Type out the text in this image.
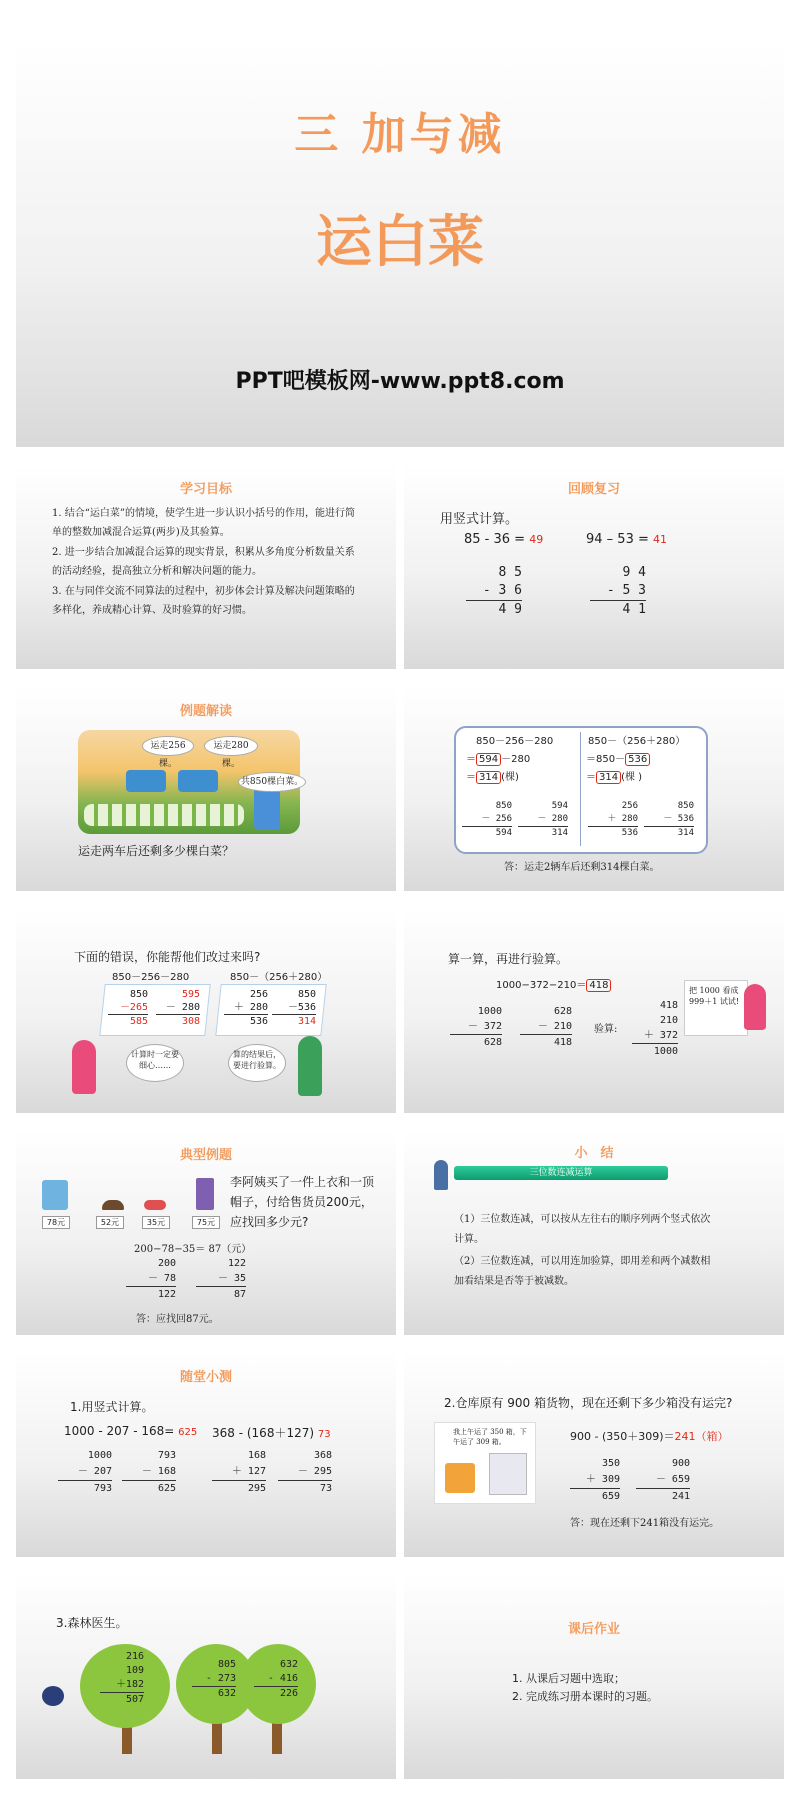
三 加与减
运白菜
PPT吧模板网-www.ppt8.com
学习目标
1. 结合“运白菜”的情境，使学生进一步认识小括号的作用，能进行简单的整数加减混合运算(两步)及其验算。
2. 进一步结合加减混合运算的现实背景，积累从多角度分析数量关系的活动经验，提高独立分析和解决问题的能力。
3. 在与同伴交流不同算法的过程中，初步体会计算及解决问题策略的多样化，养成精心计算、及时验算的好习惯。
回顾复习
用竖式计算。
85 - 36 = 49	94 – 53 = 41
8 5
- 3 6
4 9
9 4
- 5 3
4 1
例题解读
运走256棵。
运走280棵。
共850棵白菜。
运走两车后还剩多少棵白菜？
850－256－280
＝ 594 －280
＝ 314 (棵)
850－（256＋280）
＝850－ 536
＝ 314 (棵 )
850
－ 256
594
594
－ 280
314
256
＋ 280
536
850
－ 536
314
答：运走2辆车后还剩314棵白菜。
下面的错误，你能帮他们改过来吗?
850－256－280	850－（256＋280）
850
－265
585
595
－ 280
308
256
＋ 280
536
850
－536
314
计算时一定要细心……
算的结果后，要进行验算。
算一算，再进行验算。
1000−372−210＝ 418
1000
－ 372
628
628
－ 210
418
验算:
418
210
＋ 372
1000
把 1000 看成 999＋1 试试!
典型例题
78元	52元	35元	75元
李阿姨买了一件上衣和一顶帽子，付给售货员200元，应找回多少元?
200−78−35＝ 87（元）
200
－ 78
122
122
－ 35
87
答：应找回87元。
小　结
三位数连减运算
（1）三位数连减，可以按从左往右的顺序列两个竖式依次计算。
（2）三位数连减，可以用连加验算，即用差和两个减数相加看结果是否等于被减数。
随堂小测
1.用竖式计算。
1000 - 207 - 168= 625 368 - (168＋127) 73
1000
－ 207
793
793
－ 168
625
168
＋ 127
295
368
－ 295
73
2.仓库原有 900 箱货物，现在还剩下多少箱没有运完?
我上午运了 350 箱，下午运了 309 箱。	900 - (350＋309)＝241（箱）
350
＋ 309
659
900
－ 659
241
答：现在还剩下241箱没有运完。
3.森林医生。
216
109
＋182
507
805
- 273
632
632
- 416
226
课后作业
1. 从课后习题中选取；
2. 完成练习册本课时的习题。
